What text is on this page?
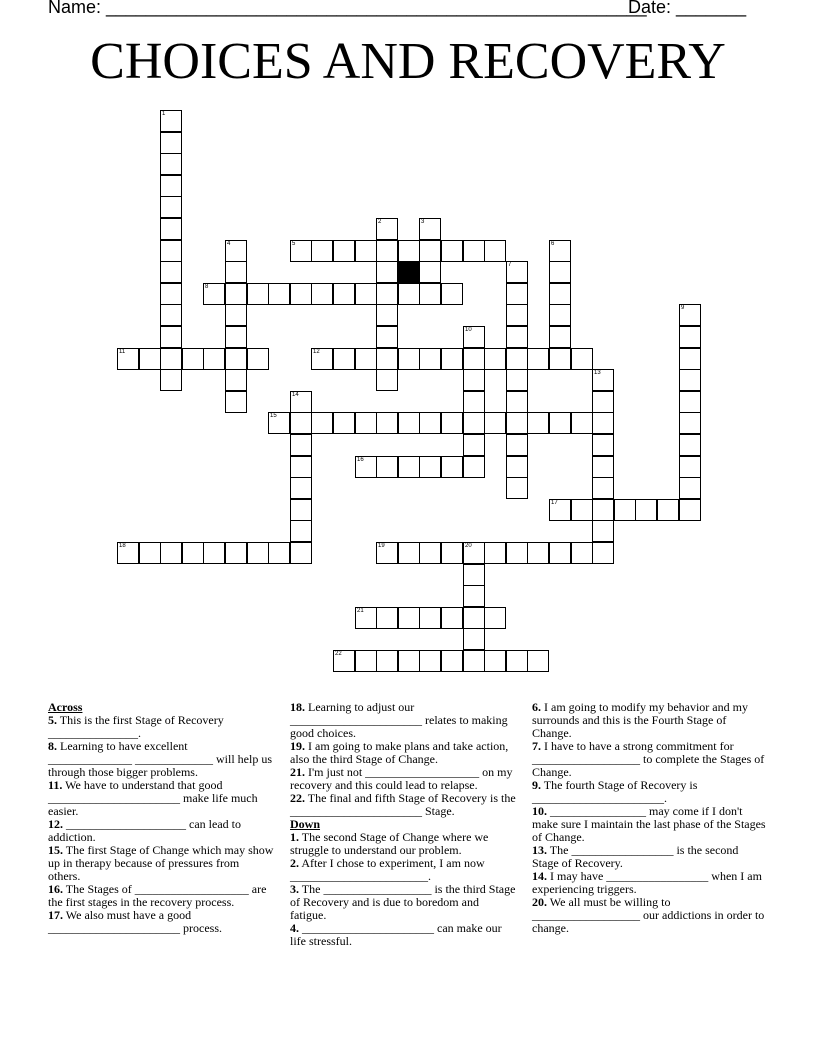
Name: ______________________________________________________
Date: _______
CHOICES AND RECOVERY
5
8
11	12
15
16
17
18	19	20
21
22
1
2	3
4	6
7
9
10
13
14
Across
5. This is the first Stage of Recovery _______________.
8. Learning to have excellent ______________ _____________ will help us through those bigger problems.
11. We have to understand that good ______________________ make life much easier.
12. ____________________ can lead to addiction.
15. The first Stage of Change which may show up in therapy because of pressures from others.
16. The Stages of ___________________ are the first stages in the recovery process.
17. We also must have a good ______________________ process.
18. Learning to adjust our ______________________ relates to making good choices.
19. I am going to make plans and take action, also the third Stage of Change.
21. I'm just not ___________________ on my recovery and this could lead to relapse.
22. The final and fifth Stage of Recovery is the ______________________ Stage.
Down
1. The second Stage of Change where we struggle to understand our problem.
2. After I chose to experiment, I am now _______________________.
3. The __________________ is the third Stage of Recovery and is due to boredom and fatigue.
4. ______________________ can make our life stressful.
6. I am going to modify my behavior and my surrounds and this is the Fourth Stage of Change.
7. I have to have a strong commitment for __________________ to complete the Stages of Change.
9. The fourth Stage of Recovery is ______________________.
10. ________________ may come if I don't make sure I maintain the last phase of the Stages of Change.
13. The _________________ is the second Stage of Recovery.
14. I may have _________________ when I am experiencing triggers.
20. We all must be willing to __________________ our addictions in order to change.
